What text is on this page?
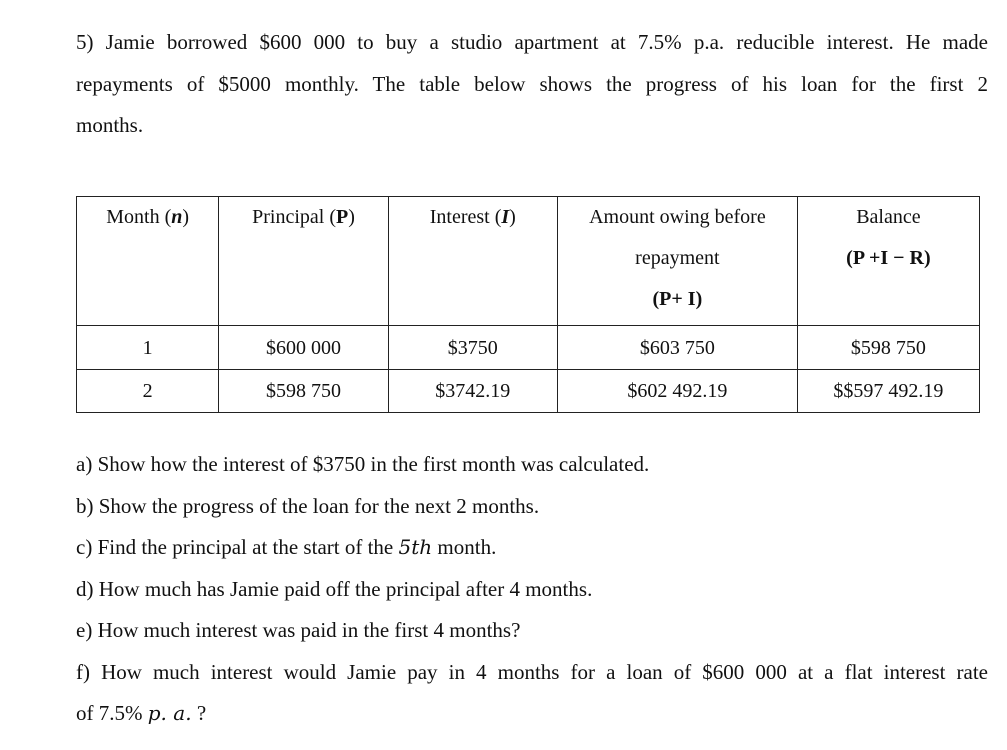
5) Jamie borrowed $600 000 to buy a studio apartment at 7.5% p.a. reducible interest. He made
repayments of $5000 monthly. The table below shows the progress of his loan for the first 2
months.

Month (n)	Principal (P)	Interest (I)	Amount owing before
repayment
(P+ I)	Balance
(P +I − R)

1	$600 000	$3750	$603 750	$598 750
2	$598 750	$3742.19	$602 492.19	$$597 492.19
a) Show how the interest of $3750 in the first month was calculated.
b) Show the progress of the loan for the next 2 months.
c) Find the principal at the start of the 5th month.
d) How much has Jamie paid off the principal after 4 months.
e) How much interest was paid in the first 4 months?
f) How much interest would Jamie pay in 4 months for a loan of $600 000 at a flat interest rate
of 7.5% p. a. ?
